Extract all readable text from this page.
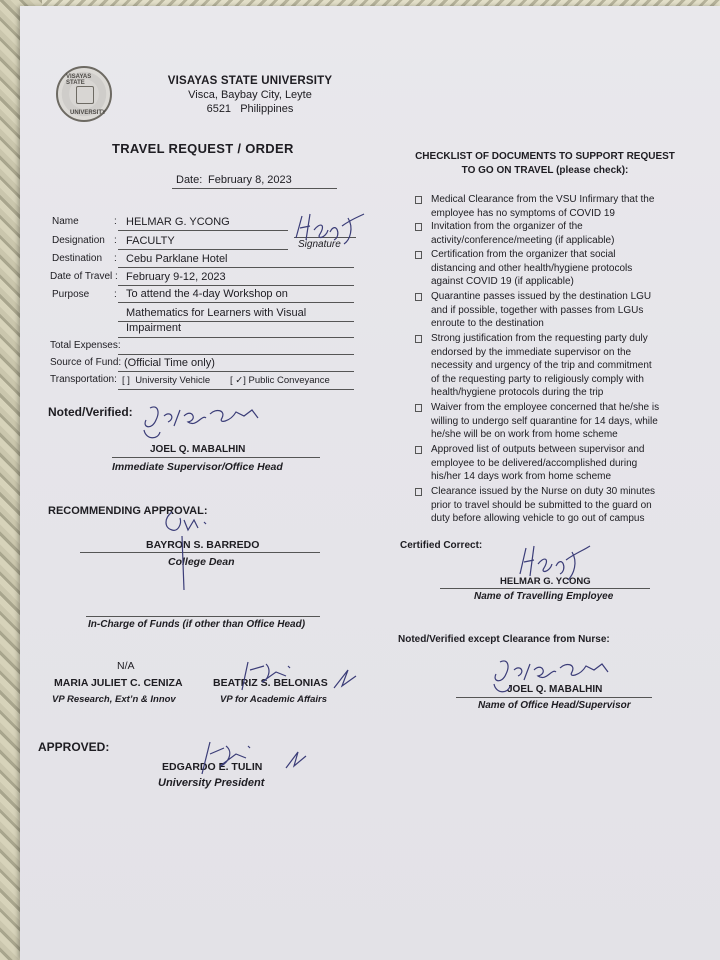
VISAYAS STATE
UNIVERSITY
VISAYAS STATE UNIVERSITY
Visca, Baybay City, Leyte
6521   Philippines
TRAVEL REQUEST / ORDER
Date: February 8, 2023
Name	: HELMAR G. YCONG
Designation : FACULTY	Signature
Destination : Cebu Parklane Hotel
Date of Travel : February 9-12, 2023
Purpose : To attend the 4-day Workshop on
Mathematics for Learners with Visual
Impairment
Total Expenses:
Source of Fund: (Official Time only)
Transportation: [ ]  University Vehicle [ ✓] Public Conveyance
Noted/Verified:
JOEL Q. MABALHIN
Immediate Supervisor/Office Head
RECOMMENDING APPROVAL:
BAYRON S. BARREDO
College Dean
In-Charge of Funds (if other than Office Head)
N/A
MARIA JULIET C. CENIZA
VP Research, Ext’n & Innov
BEATRIZ S. BELONIAS
VP for Academic Affairs
APPROVED:
EDGARDO E. TULIN
University President
CHECKLIST OF DOCUMENTS TO SUPPORT REQUEST
TO GO ON TRAVEL (please check):
Medical Clearance from the VSU Infirmary that the
employee has no symptoms of COVID 19
Invitation from the organizer of the
activity/conference/meeting (if applicable)
Certification from the organizer that social
distancing and other health/hygiene protocols
against COVID 19 (if applicable)
Quarantine passes issued by the destination LGU
and if possible, together with passes from LGUs
enroute to the destination
Strong justification from the requesting party duly
endorsed by the immediate supervisor on the
necessity and urgency of the trip and commitment
of the requesting party to religiously comply with
health/hygiene protocols during the trip
Waiver from the employee concerned that he/she is
willing to undergo self quarantine for 14 days, while
he/she will be on work from home scheme
Approved list of outputs between supervisor and
employee to be delivered/accomplished during
his/her 14 days work from home scheme
Clearance issued by the Nurse on duty 30 minutes
prior to travel should be submitted to the guard on
duty before allowing vehicle to go out of campus
Certified Correct:
HELMAR G. YCONG
Name of Travelling Employee
Noted/Verified except Clearance from Nurse:
JOEL Q. MABALHIN
Name of Office Head/Supervisor
